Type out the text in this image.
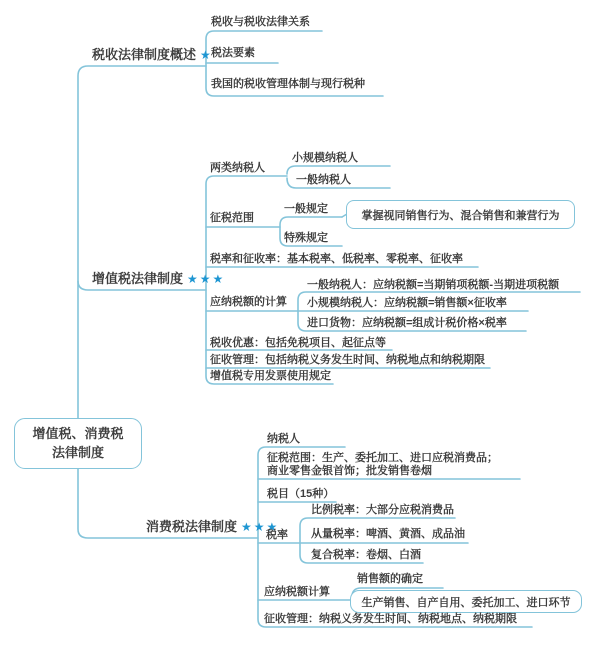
增值税、消费税
法律制度
税收法律制度概述 ★
税收与税收法律关系
税法要素
我国的税收管理体制与现行税种
增值税法律制度 ★★★
两类纳税人
小规模纳税人
一般纳税人
征税范围
一般规定
掌握视同销售行为、混合销售和兼营行为
特殊规定
税率和征收率：基本税率、低税率、零税率、征收率
应纳税额的计算
一般纳税人：应纳税额=当期销项税额-当期进项税额
小规模纳税人：应纳税额=销售额×征收率
进口货物：应纳税额=组成计税价格×税率
税收优惠：包括免税项目、起征点等
征收管理：包括纳税义务发生时间、纳税地点和纳税期限
增值税专用发票使用规定
消费税法律制度 ★★★
纳税人
征税范围：生产、委托加工、进口应税消费品；
商业零售金银首饰；批发销售卷烟
税目（15种）
税率
比例税率：大部分应税消费品
从量税率：啤酒、黄酒、成品油
复合税率：卷烟、白酒
应纳税额计算
销售额的确定
生产销售、自产自用、委托加工、进口环节
征收管理：纳税义务发生时间、纳税地点、纳税期限
